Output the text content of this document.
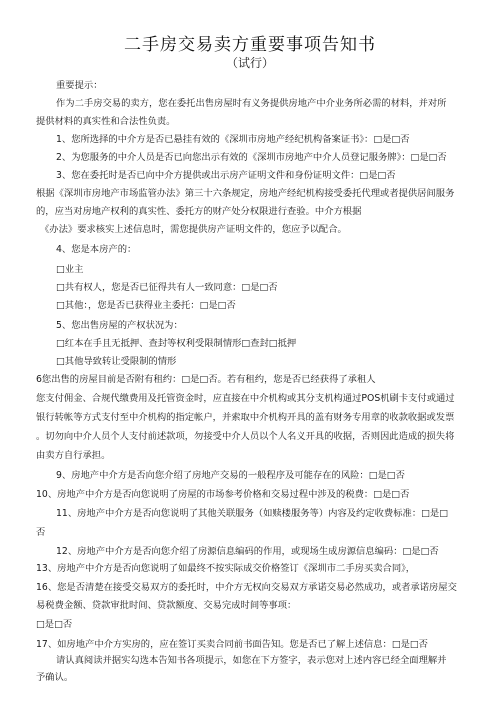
二手房交易卖方重要事项告知书
（试行）
重要提示：
作为二手房交易的卖方，您在委托出售房屋时有义务提供房地产中介业务所必需的材料，并对所
提供材料的真实性和合法性负责。
1、您所选择的中介方是否已悬挂有效的《深圳市房地产经纪机构备案证书》：□是□否
2、为您服务的中介人员是否已向您出示有效的《深圳市房地产中介人员登记服务牌》：□是□否
3、您在委托时是否已向中介方提供或出示房产证明文件和身份证明文件：□是□否
根据《深圳市房地产市场监管办法》第三十六条规定，房地产经纪机构接受委托代理或者提供居间服务
的，应当对房地产权利的真实性、委托方的财产处分权限进行查验。中介方根据
《办法》要求核实上述信息时，需您提供房产证明文件的，您应予以配合。
4、您是本房产的：
□业主
□共有权人，您是否已征得共有人一致同意：□是□否
□其他：，您是否已获得业主委托：□是□否
5、您出售房屋的产权状况为：
□红本在手且无抵押、查封等权利受限制情形□查封□抵押
□其他导致转让受限制的情形
6您出售的房屋目前是否附有租约：□是□否。若有租约，您是否已经获得了承租人
您支付佣金、合规代缴费用及托管资金时，应直接在中介机构或其分支机构通过POS机刷卡支付或通过
银行转帐等方式支付至中介机构的指定帐户，并索取中介机构开具的盖有财务专用章的收款收据或发票
。切勿向中介人员个人支付前述款项，勿接受中介人员以个人名义开具的收据，否则因此造成的损失将
由卖方自行承担。
9、房地产中介方是否向您介绍了房地产交易的一般程序及可能存在的风险：□是□否
10、房地产中介方是否向您说明了房屋的市场参考价格和交易过程中涉及的税费：□是□否
11、房地产中介方是否向您说明了其他关联服务（如赎楼服务等）内容及约定收费标准：□是□
否
12、房地产中介方是否向您介绍了房源信息编码的作用，或现场生成房源信息编码：□是□否
13、房地产中介方是否向您说明了如最终不按实际成交价格签订《深圳市二手房买卖合同》，
16、您是否清楚在接受交易双方的委托时，中介方无权向交易双方承诺交易必然成功，或者承诺房屋交
易税费金额、贷款审批时间、贷款额度、交易完成时间等事项：
□是□否
17、如房地产中介方实房的，应在签订买卖合同前书面告知。您是否已了解上述信息：□是□否
请认真阅读并据实勾选本告知书各项提示，如您在下方签字，表示您对上述内容已经全面理解并
予确认。
